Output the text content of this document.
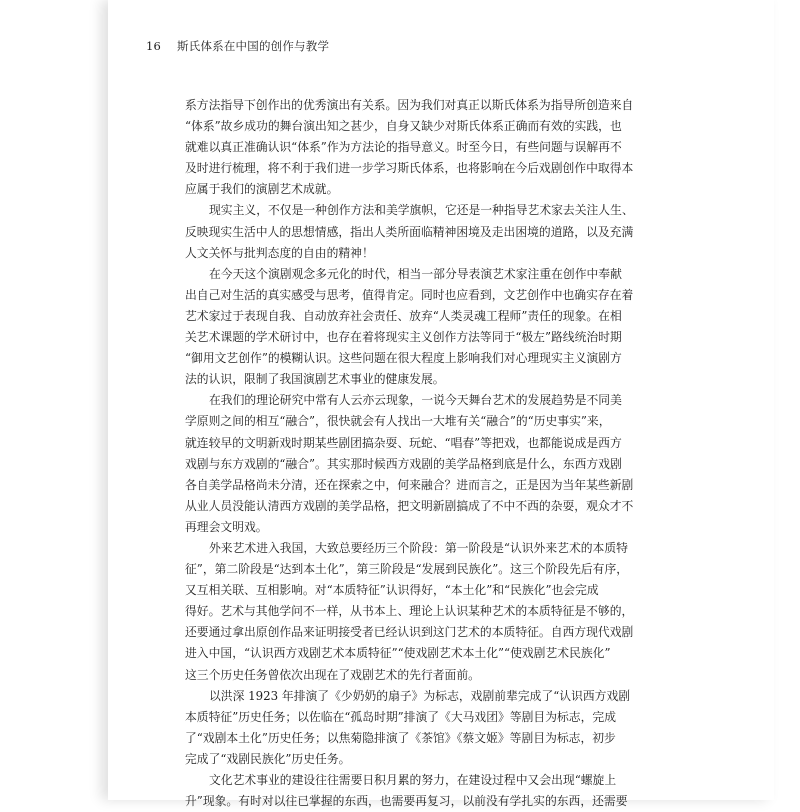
16 斯氏体系在中国的创作与教学
系方法指导下创作出的优秀演出有关系。因为我们对真正以斯氏体系为指导所创造来自
“体系”故乡成功的舞台演出知之甚少，自身又缺少对斯氏体系正确而有效的实践，也
就难以真正准确认识“体系”作为方法论的指导意义。时至今日，有些问题与误解再不
及时进行梳理，将不利于我们进一步学习斯氏体系，也将影响在今后戏剧创作中取得本
应属于我们的演剧艺术成就。
现实主义，不仅是一种创作方法和美学旗帜，它还是一种指导艺术家去关注人生、
反映现实生活中人的思想情感，指出人类所面临精神困境及走出困境的道路，以及充满
人文关怀与批判态度的自由的精神！
在今天这个演剧观念多元化的时代，相当一部分导表演艺术家注重在创作中奉献
出自己对生活的真实感受与思考，值得肯定。同时也应看到，文艺创作中也确实存在着
艺术家过于表现自我、自动放弃社会责任、放弃“人类灵魂工程师”责任的现象。在相
关艺术课题的学术研讨中，也存在着将现实主义创作方法等同于“极左”路线统治时期
“御用文艺创作”的模糊认识。这些问题在很大程度上影响我们对心理现实主义演剧方
法的认识，限制了我国演剧艺术事业的健康发展。
在我们的理论研究中常有人云亦云现象，一说今天舞台艺术的发展趋势是不同美
学原则之间的相互“融合”，很快就会有人找出一大堆有关“融合”的“历史事实”来，
就连较早的文明新戏时期某些剧团搞杂耍、玩蛇、“唱春”等把戏，也都能说成是西方
戏剧与东方戏剧的“融合”。其实那时候西方戏剧的美学品格到底是什么，东西方戏剧
各自美学品格尚未分清，还在探索之中，何来融合？进而言之，正是因为当年某些新剧
从业人员没能认清西方戏剧的美学品格，把文明新剧搞成了不中不西的杂耍，观众才不
再理会文明戏。
外来艺术进入我国，大致总要经历三个阶段：第一阶段是“认识外来艺术的本质特
征”，第二阶段是“达到本土化”，第三阶段是“发展到民族化”。这三个阶段先后有序，
又互相关联、互相影响。对“本质特征”认识得好，“本土化”和“民族化”也会完成
得好。艺术与其他学问不一样，从书本上、理论上认识某种艺术的本质特征是不够的，
还要通过拿出原创作品来证明接受者已经认识到这门艺术的本质特征。自西方现代戏剧
进入中国，“认识西方戏剧艺术本质特征”“使戏剧艺术本土化”“使戏剧艺术民族化”
这三个历史任务曾依次出现在了戏剧艺术的先行者面前。
以洪深 1923 年排演了《少奶奶的扇子》为标志，戏剧前辈完成了“认识西方戏剧
本质特征”历史任务；以佐临在“孤岛时期”排演了《大马戏团》等剧目为标志，完成
了“戏剧本土化”历史任务；以焦菊隐排演了《茶馆》《蔡文姬》等剧目为标志，初步
完成了“戏剧民族化”历史任务。
文化艺术事业的建设往往需要日积月累的努力，在建设过程中又会出现“螺旋上
升”现象。有时对以往已掌握的东西，也需要再复习，以前没有学扎实的东西，还需要
